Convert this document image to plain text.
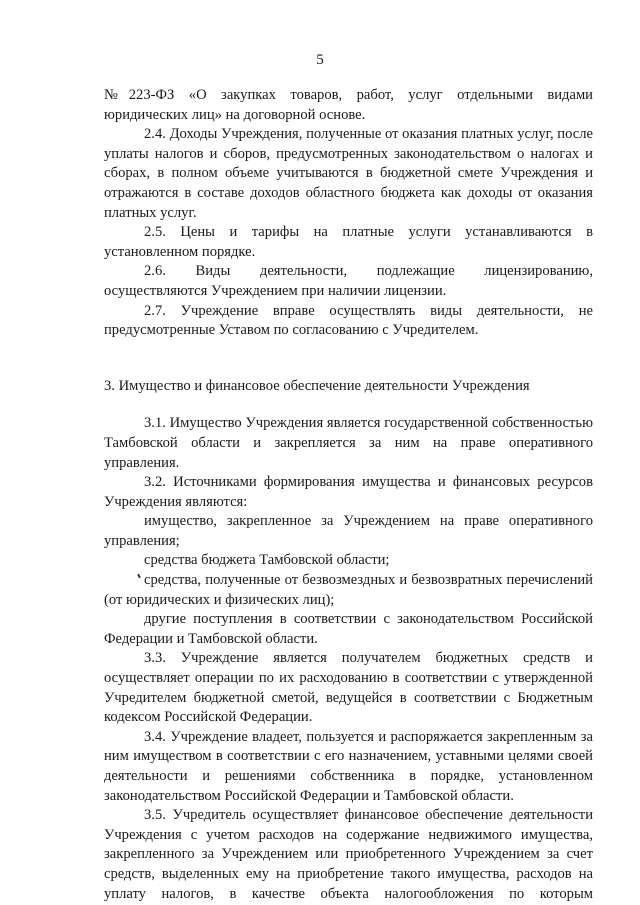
5

№223-ФЗ «О закупках товаров, работ, услуг отдельными видами юридических лиц» на договорной основе.

2.4. Доходы Учреждения, полученные от оказания платных услуг, после уплаты налогов и сборов, предусмотренных законодательством о налогах и сборах, в полном объеме учитываются в бюджетной смете Учреждения и отражаются в составе доходов областного бюджета как доходы от оказания платных услуг.

2.5. Цены и тарифы на платные услуги устанавливаются в установленном порядке.

2.6. Виды деятельности, подлежащие лицензированию, осуществляются Учреждением при наличии лицензии.

2.7. Учреждение вправе осуществлять виды деятельности, не предусмотренные Уставом по согласованию с Учредителем.

3. Имущество и финансовое обеспечение деятельности Учреждения

3.1. Имущество Учреждения является государственной собственностью Тамбовской области и закрепляется за ним на праве оперативного управления.

3.2. Источниками формирования имущества и финансовых ресурсов Учреждения являются:

имущество, закрепленное за Учреждением на праве оперативного управления;

средства бюджета Тамбовской области;

средства, полученные от безвозмездных и безвозвратных перечислений (от юридических и физических лиц);

другие поступления в соответствии с законодательством Российской Федерации и Тамбовской области.

3.3. Учреждение является получателем бюджетных средств и осуществляет операции по их расходованию в соответствии с утвержденной Учредителем бюджетной сметой, ведущейся в соответствии с Бюджетным кодексом Российской Федерации.

3.4. Учреждение владеет, пользуется и распоряжается закрепленным за ним имуществом в соответствии с его назначением, уставными целями своей деятельности и решениями собственника в порядке, установленном законодательством Российской Федерации и Тамбовской области.

3.5. Учредитель осуществляет финансовое обеспечение деятельности Учреждения с учетом расходов на содержание недвижимого имущества, закрепленного за Учреждением или приобретенного Учреждением за счет средств, выделенных ему на приобретение такого имущества, расходов на уплату налогов, в качестве объекта налогообложения по которым
